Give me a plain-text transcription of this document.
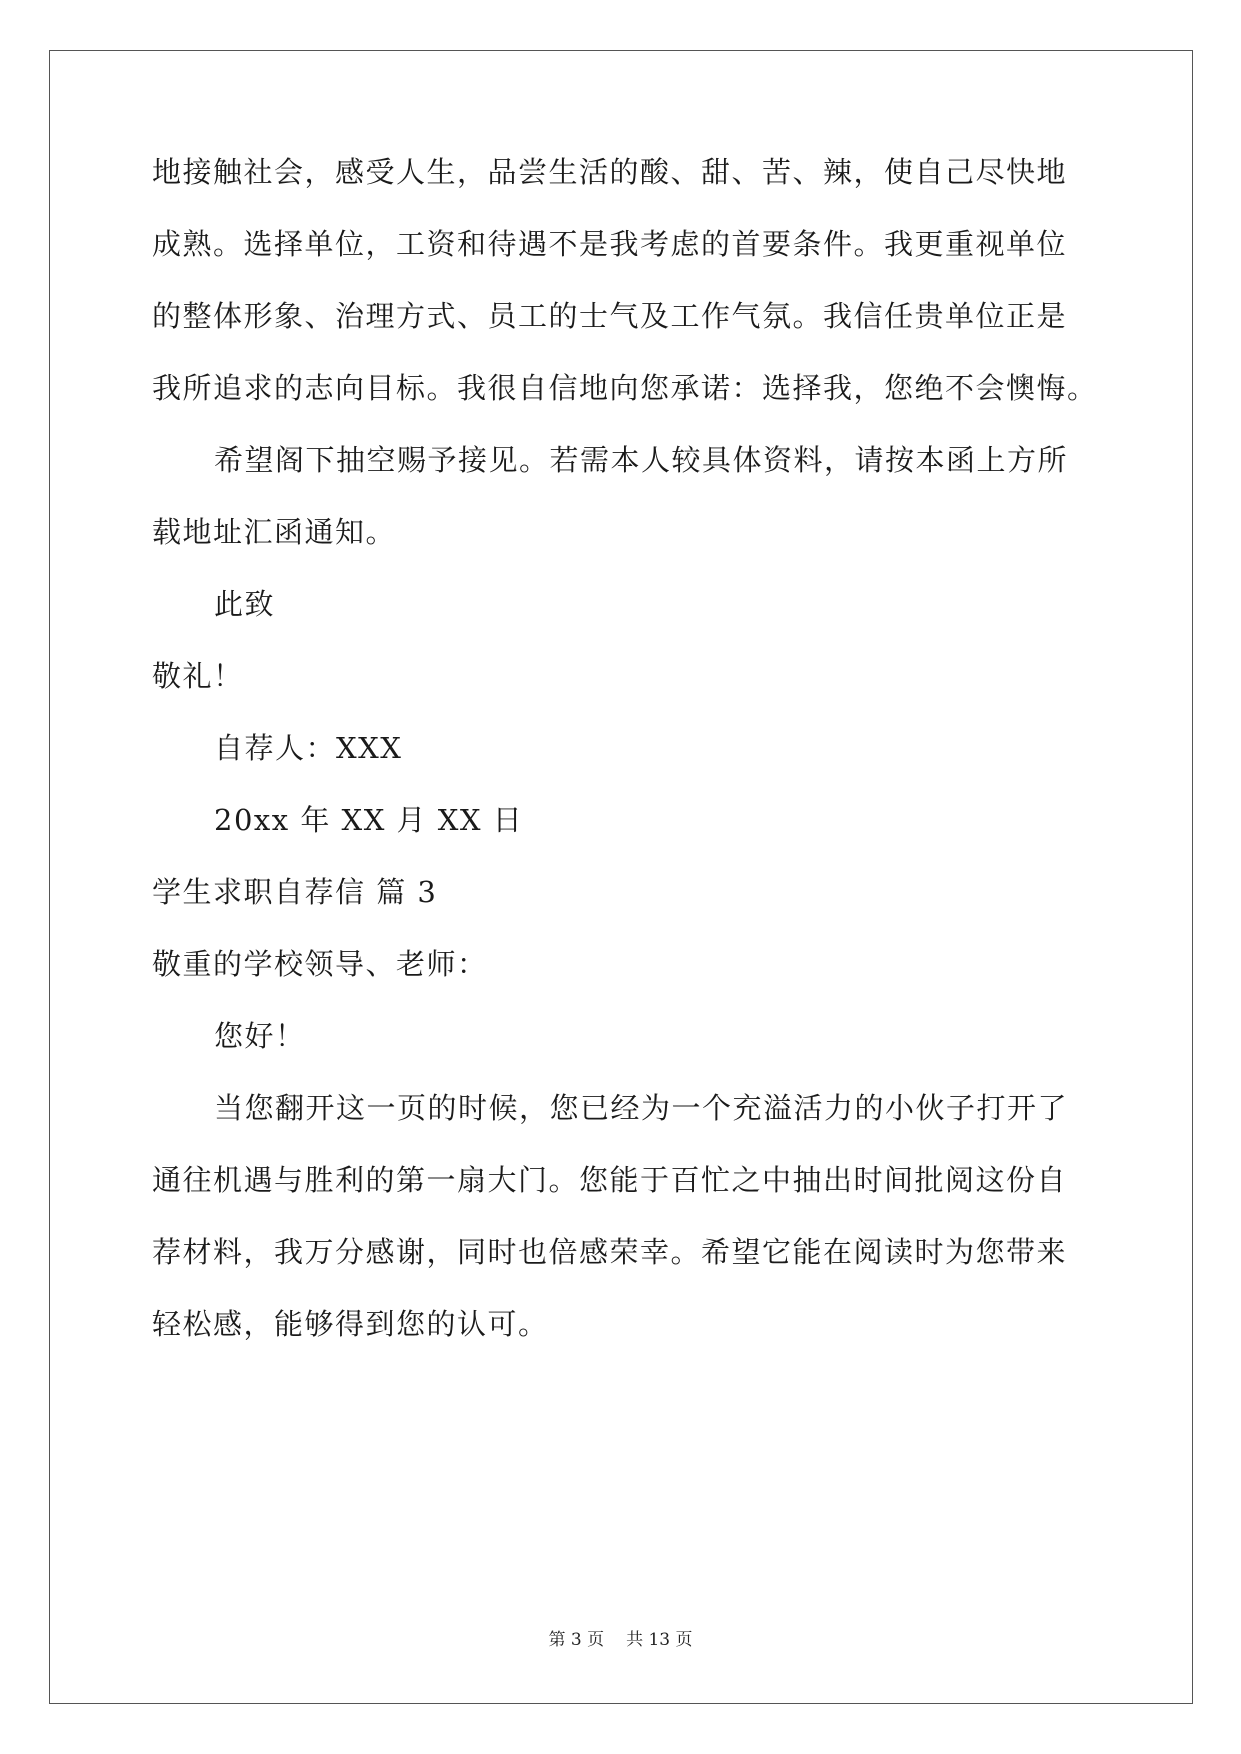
地接触社会，感受人生，品尝生活的酸、甜、苦、辣，使自己尽快地

成熟。选择单位，工资和待遇不是我考虑的首要条件。我更重视单位

的整体形象、治理方式、员工的士气及工作气氛。我信任贵单位正是

我所追求的志向目标。我很自信地向您承诺：选择我，您绝不会懊悔。

希望阁下抽空赐予接见。若需本人较具体资料，请按本函上方所

载地址汇函通知。

此致

敬礼！

自荐人：XXX

20xx 年 XX 月 XX 日

学生求职自荐信 篇 3

敬重的学校领导、老师：

您好！

当您翻开这一页的时候，您已经为一个充溢活力的小伙子打开了

通往机遇与胜利的第一扇大门。您能于百忙之中抽出时间批阅这份自

荐材料，我万分感谢，同时也倍感荣幸。希望它能在阅读时为您带来

轻松感，能够得到您的认可。

第 3 页 共 13 页
